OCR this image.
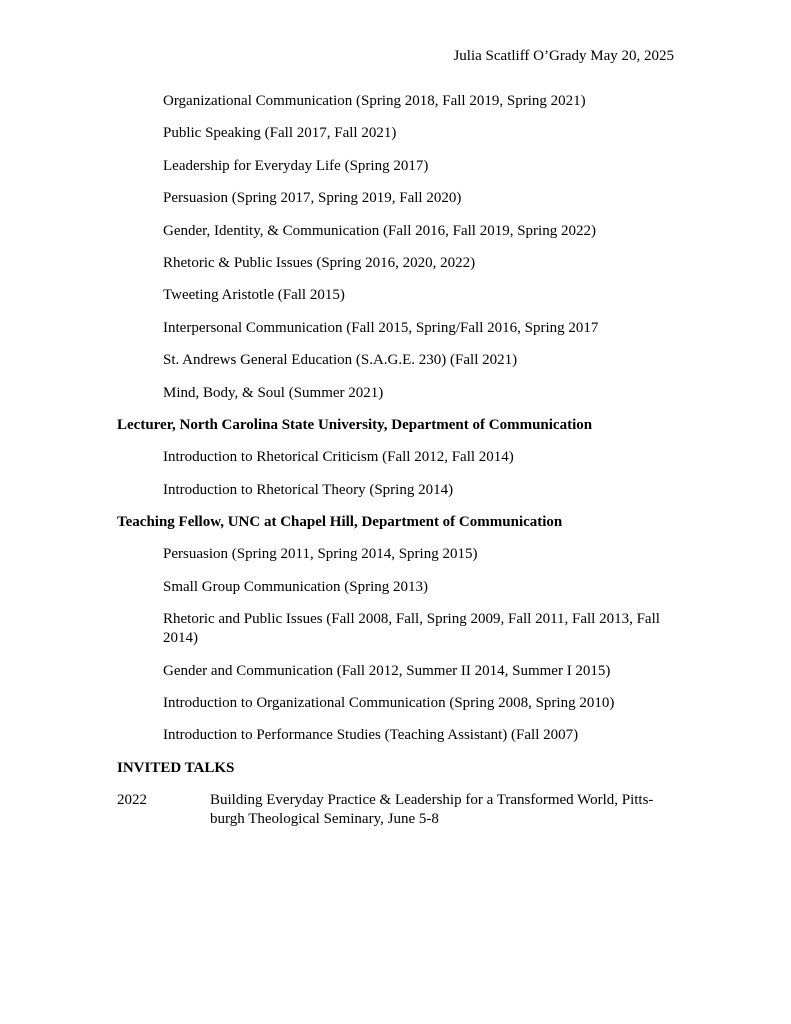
Julia Scatliff O’Grady May 20, 2025
Organizational Communication (Spring 2018, Fall 2019, Spring 2021)
Public Speaking (Fall 2017, Fall 2021)
Leadership for Everyday Life (Spring 2017)
Persuasion (Spring 2017, Spring 2019, Fall 2020)
Gender, Identity, & Communication (Fall 2016, Fall 2019, Spring 2022)
Rhetoric & Public Issues (Spring 2016, 2020, 2022)
Tweeting Aristotle (Fall 2015)
Interpersonal Communication (Fall 2015, Spring/Fall 2016, Spring 2017
St. Andrews General Education (S.A.G.E. 230) (Fall 2021)
Mind, Body, & Soul (Summer 2021)
Lecturer, North Carolina State University, Department of Communication
Introduction to Rhetorical Criticism (Fall 2012, Fall 2014)
Introduction to Rhetorical Theory (Spring 2014)
Teaching Fellow, UNC at Chapel Hill, Department of Communication
Persuasion (Spring 2011, Spring 2014, Spring 2015)
Small Group Communication (Spring 2013)
Rhetoric and Public Issues (Fall 2008, Fall, Spring 2009, Fall 2011, Fall 2013, Fall 2014)
Gender and Communication (Fall 2012, Summer II 2014, Summer I 2015)
Introduction to Organizational Communication (Spring 2008, Spring 2010)
Introduction to Performance Studies (Teaching Assistant) (Fall 2007)
INVITED TALKS
2022	Building Everyday Practice & Leadership for a Transformed World, Pitts-burgh Theological Seminary, June 5-8
